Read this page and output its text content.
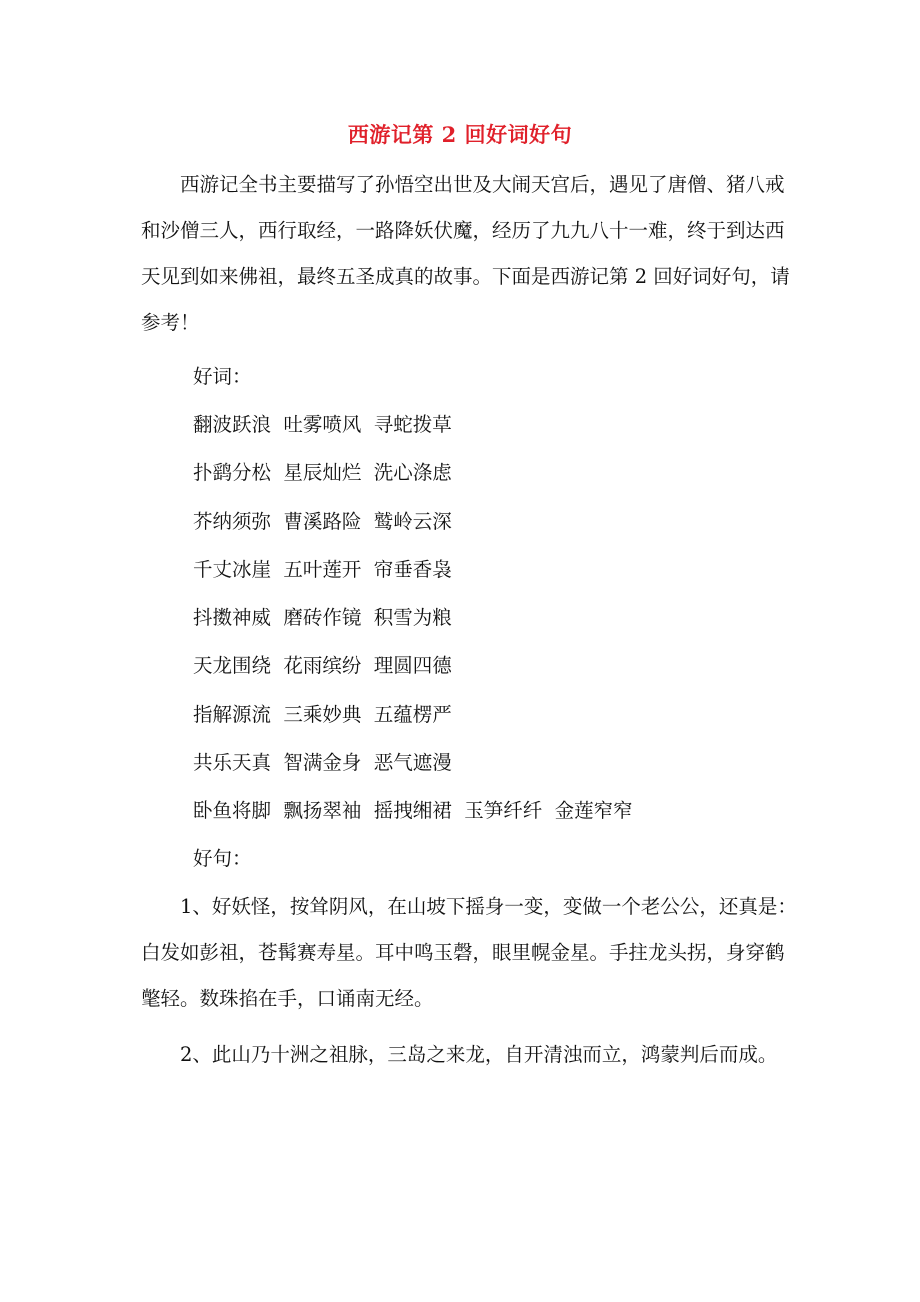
西游记第 2 回好词好句

西游记全书主要描写了孙悟空出世及大闹天宫后，遇见了唐僧、猪八戒和沙僧三人，西行取经，一路降妖伏魔，经历了九九八十一难，终于到达西天见到如来佛祖，最终五圣成真的故事。下面是西游记第 2 回好词好句，请参考！

好词：
翻波跃浪  吐雾喷风  寻蛇拨草
扑鹞分松  星辰灿烂  洗心涤虑
芥纳须弥  曹溪路险  鹫岭云深
千丈冰崖  五叶莲开  帘垂香袅
抖擞神威  磨砖作镜  积雪为粮
天龙围绕  花雨缤纷  理圆四德
指解源流  三乘妙典  五蕴楞严
共乐天真  智满金身  恶气遮漫
卧鱼将脚  飘扬翠袖  摇拽缃裙  玉笋纤纤  金莲窄窄
好句：

1、好妖怪，按耸阴风，在山坡下摇身一变，变做一个老公公，还真是：白发如彭祖，苍髯赛寿星。耳中鸣玉磬，眼里幌金星。手拄龙头拐，身穿鹤氅轻。数珠掐在手，口诵南无经。

2、此山乃十洲之祖脉，三岛之来龙，自开清浊而立，鸿蒙判后而成。
